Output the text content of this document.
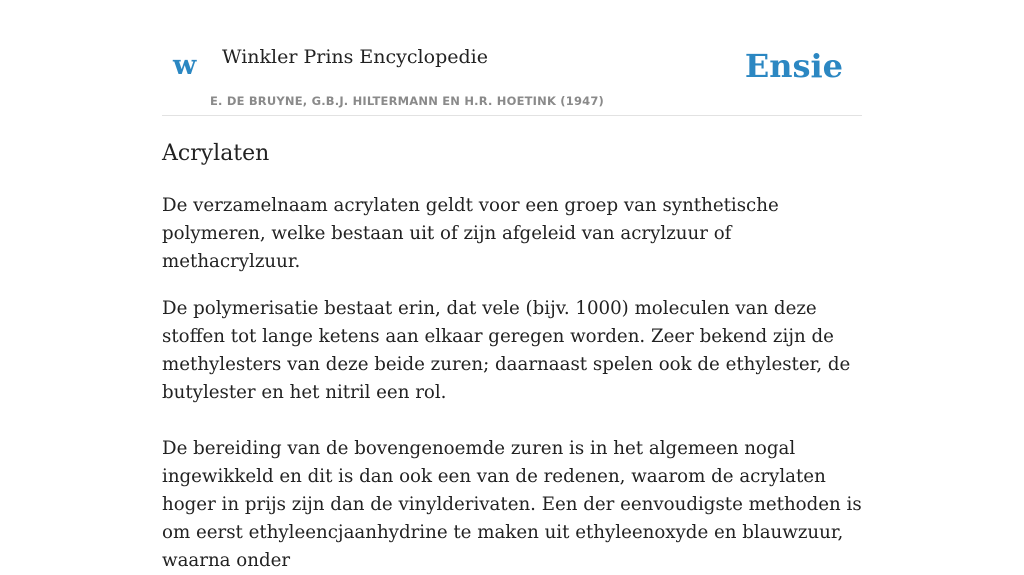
w Winkler Prins Encyclopedie
E. DE BRUYNE, G.B.J. HILTERMANN EN H.R. HOETINK (1947)
Ensie
Acrylaten

De verzamelnaam acrylaten geldt voor een groep van synthetische polymeren, welke bestaan uit of zijn afgeleid van acrylzuur of methacrylzuur.

De polymerisatie bestaat erin, dat vele (bijv. 1000) moleculen van deze stoffen tot lange ketens aan elkaar geregen worden. Zeer bekend zijn de methylesters van deze beide zuren; daarnaast spelen ook de ethylester, de butylester en het nitril een rol.

De bereiding van de bovengenoemde zuren is in het algemeen nogal ingewikkeld en dit is dan ook een van de redenen, waarom de acrylaten hoger in prijs zijn dan de vinylderivaten. Een der eenvoudigste methoden is om eerst ethyleencjaanhydrine te maken uit ethyleenoxyde en blauwzuur, waarna onder
